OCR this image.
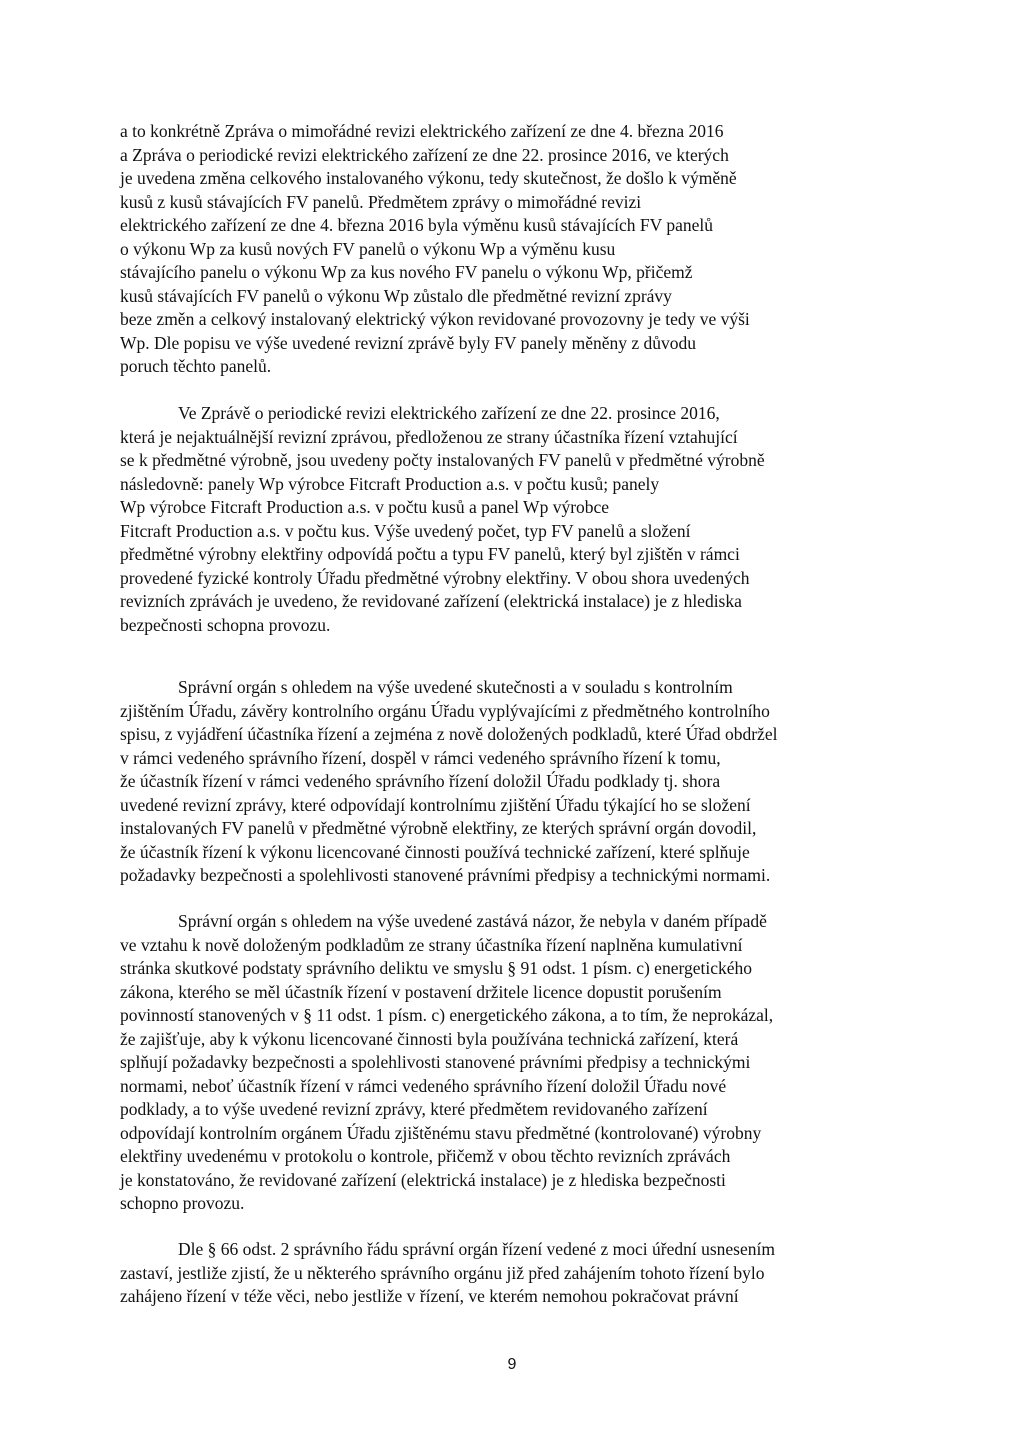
a to konkrétně Zpráva o mimořádné revizi elektrického zařízení ze dne 4. března 2016
a Zpráva o periodické revizi elektrického zařízení ze dne 22. prosince 2016, ve kterých
je uvedena změna celkového instalovaného výkonu, tedy skutečnost, že došlo k výměně
kusů z kusů stávajících FV panelů. Předmětem zprávy o mimořádné revizi
elektrického zařízení ze dne 4. března 2016 byla výměnu kusů stávajících FV panelů
o výkonu Wp za kusů nových FV panelů o výkonu Wp a výměnu kusu
stávajícího panelu o výkonu Wp za kus nového FV panelu o výkonu Wp, přičemž
kusů stávajících FV panelů o výkonu Wp zůstalo dle předmětné revizní zprávy
beze změn a celkový instalovaný elektrický výkon revidované provozovny je tedy ve výši
Wp. Dle popisu ve výše uvedené revizní zprávě byly FV panely měněny z důvodu
poruch těchto panelů.
Ve Zprávě o periodické revizi elektrického zařízení ze dne 22. prosince 2016,
která je nejaktuálnější revizní zprávou, předloženou ze strany účastníka řízení vztahující
se k předmětné výrobně, jsou uvedeny počty instalovaných FV panelů v předmětné výrobně
následovně: panely Wp výrobce Fitcraft Production a.s. v počtu kusů; panely
Wp výrobce Fitcraft Production a.s. v počtu kusů a panel Wp výrobce
Fitcraft Production a.s. v počtu kus. Výše uvedený počet, typ FV panelů a složení
předmětné výrobny elektřiny odpovídá počtu a typu FV panelů, který byl zjištěn v rámci
provedené fyzické kontroly Úřadu předmětné výrobny elektřiny. V obou shora uvedených
revizních zprávách je uvedeno, že revidované zařízení (elektrická instalace) je z hlediska
bezpečnosti schopna provozu.
Správní orgán s ohledem na výše uvedené skutečnosti a v souladu s kontrolním
zjištěním Úřadu, závěry kontrolního orgánu Úřadu vyplývajícími z předmětného kontrolního
spisu, z vyjádření účastníka řízení a zejména z nově doložených podkladů, které Úřad obdržel
v rámci vedeného správního řízení, dospěl v rámci vedeného správního řízení k tomu,
že účastník řízení v rámci vedeného správního řízení doložil Úřadu podklady tj. shora
uvedené revizní zprávy, které odpovídají kontrolnímu zjištění Úřadu týkající ho se složení
instalovaných FV panelů v předmětné výrobně elektřiny, ze kterých správní orgán dovodil,
že účastník řízení k výkonu licencované činnosti používá technické zařízení, které splňuje
požadavky bezpečnosti a spolehlivosti stanovené právními předpisy a technickými normami.
Správní orgán s ohledem na výše uvedené zastává názor, že nebyla v daném případě
ve vztahu k nově doloženým podkladům ze strany účastníka řízení naplněna kumulativní
stránka skutkové podstaty správního deliktu ve smyslu § 91 odst. 1 písm. c) energetického
zákona, kterého se měl účastník řízení v postavení držitele licence dopustit porušením
povinností stanovených v § 11 odst. 1 písm. c) energetického zákona, a to tím, že neprokázal,
že zajišťuje, aby k výkonu licencované činnosti byla používána technická zařízení, která
splňují požadavky bezpečnosti a spolehlivosti stanovené právními předpisy a technickými
normami, neboť účastník řízení v rámci vedeného správního řízení doložil Úřadu nové
podklady, a to výše uvedené revizní zprávy, které předmětem revidovaného zařízení
odpovídají kontrolním orgánem Úřadu zjištěnému stavu předmětné (kontrolované) výrobny
elektřiny uvedenému v protokolu o kontrole, přičemž v obou těchto revizních zprávách
je konstatováno, že revidované zařízení (elektrická instalace) je z hlediska bezpečnosti
schopno provozu.
Dle § 66 odst. 2 správního řádu správní orgán řízení vedené z moci úřední usnesením
zastaví, jestliže zjistí, že u některého správního orgánu již před zahájením tohoto řízení bylo
zahájeno řízení v téže věci, nebo jestliže v řízení, ve kterém nemohou pokračovat právní
9
